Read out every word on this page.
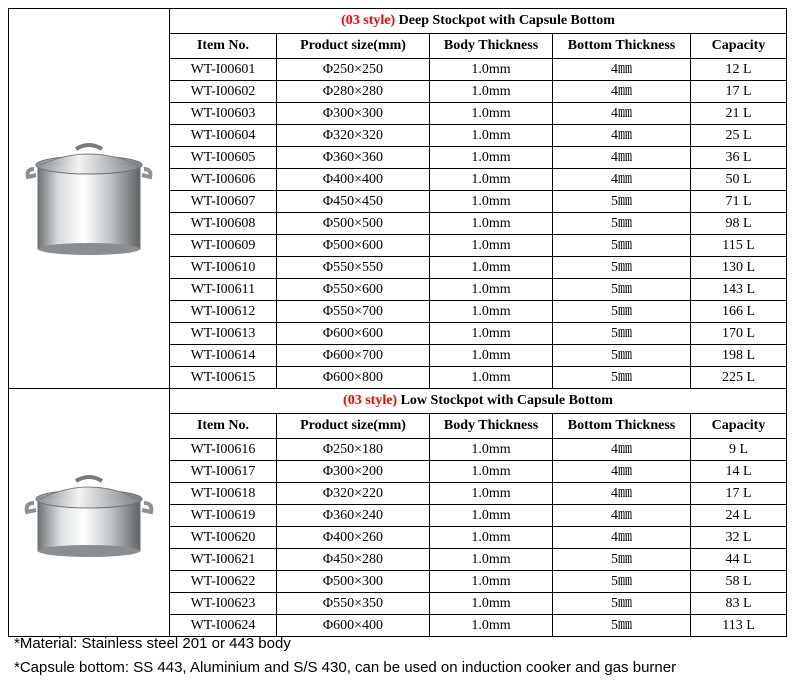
	(03 style) Deep Stockpot with Capsule Bottom				
	Item No.	Product size(mm)	Body Thickness	Bottom Thickness	Capacity
	WT-I00601	Φ250×250	1.0mm	4㎜	12 L
	WT-I00602	Φ280×280	1.0mm	4㎜	17 L
	WT-I00603	Φ300×300	1.0mm	4㎜	21 L
	WT-I00604	Φ320×320	1.0mm	4㎜	25 L
	WT-I00605	Φ360×360	1.0mm	4㎜	36 L
	WT-I00606	Φ400×400	1.0mm	4㎜	50 L
	WT-I00607	Φ450×450	1.0mm	5㎜	71 L
	WT-I00608	Φ500×500	1.0mm	5㎜	98 L
	WT-I00609	Φ500×600	1.0mm	5㎜	115 L
	WT-I00610	Φ550×550	1.0mm	5㎜	130 L
	WT-I00611	Φ550×600	1.0mm	5㎜	143 L
	WT-I00612	Φ550×700	1.0mm	5㎜	166 L
	WT-I00613	Φ600×600	1.0mm	5㎜	170 L
	WT-I00614	Φ600×700	1.0mm	5㎜	198 L
	WT-I00615	Φ600×800	1.0mm	5㎜	225 L

	(03 style) Low Stockpot with Capsule Bottom				
	Item No.	Product size(mm)	Body Thickness	Bottom Thickness	Capacity
	WT-I00616	Φ250×180	1.0mm	4㎜	9 L
	WT-I00617	Φ300×200	1.0mm	4㎜	14 L
	WT-I00618	Φ320×220	1.0mm	4㎜	17 L
	WT-I00619	Φ360×240	1.0mm	4㎜	24 L
	WT-I00620	Φ400×260	1.0mm	4㎜	32 L
	WT-I00621	Φ450×280	1.0mm	5㎜	44 L
	WT-I00622	Φ500×300	1.0mm	5㎜	58 L
	WT-I00623	Φ550×350	1.0mm	5㎜	83 L
	WT-I00624	Φ600×400	1.0mm	5㎜	113 L
*Material: Stainless steel 201 or 443 body
*Capsule bottom: SS 443, Aluminium and S/S 430, can be used on induction cooker and gas burner
